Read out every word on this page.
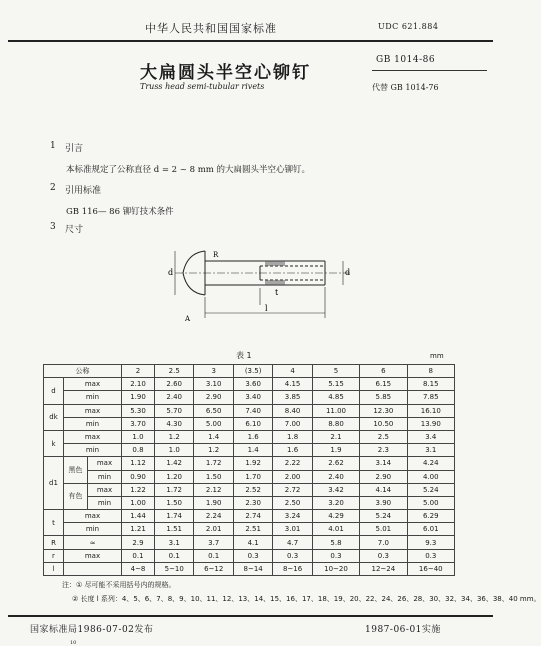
中华人民共和国国家标准	UDC 621.884
大扁圆头半空心铆钉
GB 1014-86
Truss head semi-tubular rivets	代替 GB 1014-76
1 引言
本标准规定了公称直径 d = 2 ~ 8 mm 的大扁圆头半空心铆钉。
2 引用标准
GB 116— 86 铆钉技术条件
3 尺寸
d
l
d
t
R
A
表 1	mm
公称			2	2.5	3	(3.5)	4	5	6	8
d	max		2.10	2.60	3.10	3.60	4.15	5.15	6.15	8.15
	min		1.90	2.40	2.90	3.40	3.85	4.85	5.85	7.85
dk	max		5.30	5.70	6.50	7.40	8.40	11.00	12.30	16.10
	min		3.70	4.30	5.00	6.10	7.00	8.80	10.50	13.90
k	max		1.0	1.2	1.4	1.6	1.8	2.1	2.5	3.4
	min		0.8	1.0	1.2	1.4	1.6	1.9	2.3	3.1
d1	黑色	max	1.12	1.42	1.72	1.92	2.22	2.62	3.14	4.24
		min	0.90	1.20	1.50	1.70	2.00	2.40	2.90	4.00
	有色	max	1.22	1.72	2.12	2.52	2.72	3.42	4.14	5.24
		min	1.00	1.50	1.90	2.30	2.50	3.20	3.90	5.00
t	max		1.44	1.74	2.24	2.74	3.24	4.29	5.24	6.29
	min		1.21	1.51	2.01	2.51	3.01	4.01	5.01	6.01
R	≈		2.9	3.1	3.7	4.1	4.7	5.8	7.0	9.3
r	max		0.1	0.1	0.1	0.3	0.3	0.3	0.3	0.3
l			4~8	5~10	6~12	8~14	8~16	10~20	12~24	16~40
注：① 尽可能不采用括号内的规格。
② 长度 l 系列：4、5、6、7、8、9、10、11、12、13、14、15、16、17、18、19、20、22、24、26、28、30、32、34、36、38、40 mm。
国家标准局1986-07-02发布	1987-06-01实施
10
